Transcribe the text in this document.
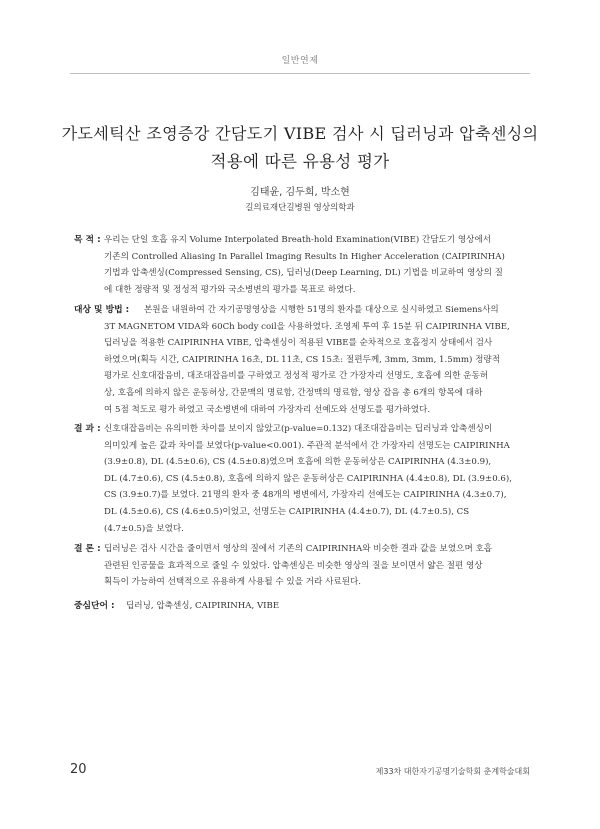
일반연제
가도세틱산 조영증강 간담도기 VIBE 검사 시 딥러닝과 압축센싱의
적용에 따른 유용성 평가
김태윤, 김두희, 박소현
길의료재단길병원 영상의학과
목 적 : 우리는 단일 호흡 유지 Volume Interpolated Breath-hold Examination(VIBE) 간담도기 영상에서
기존의 Controlled Aliasing In Parallel Imaging Results In Higher Acceleration (CAIPIRINHA)
기법과 압축센싱(Compressed Sensing, CS), 딥러닝(Deep Learning, DL) 기법을 비교하여 영상의 질
에 대한 정량적 및 정성적 평가와 국소병변의 평가를 목표로 하였다.
대상 및 방법 : 본원을 내원하여 간 자기공명영상을 시행한 51명의 환자를 대상으로 실시하였고 Siemens사의
3T MAGNETOM VIDA와 60Ch body coil을 사용하였다. 조영제 투여 후 15분 뒤 CAIPIRINHA VIBE,
딥러닝을 적용한 CAIPIRINHA VIBE, 압축센싱이 적용된 VIBE를 순차적으로 호흡정지 상태에서 검사
하였으며(획득 시간, CAIPIRINHA 16초, DL 11초, CS 15초: 절편두께, 3mm, 3mm, 1.5mm) 정량적
평가로 신호대잡음비, 대조대잡음비를 구하였고 정성적 평가로 간 가장자리 선명도, 호흡에 의한 운동허
상, 호흡에 의하지 않은 운동허상, 간문맥의 명료함, 간정맥의 명료함, 영상 잡음 총 6개의 항목에 대하
여 5점 척도로 평가 하였고 국소병변에 대하여 가장자리 선예도와 선명도를 평가하였다.
결 과 : 신호대잡음비는 유의미한 차이를 보이지 않았고(p-value=0.132) 대조대잡음비는 딥러닝과 압축센싱이
의미있게 높은 값과 차이를 보였다(p-value<0.001). 주관적 분석에서 간 가장자리 선명도는 CAIPIRINHA
(3.9±0.8), DL (4.5±0.6), CS (4.5±0.8)였으며 호흡에 의한 운동허상은 CAIPIRINHA (4.3±0.9),
DL (4.7±0.6), CS (4.5±0.8), 호흡에 의하지 않은 운동허상은 CAIPIRINHA (4.4±0.8), DL (3.9±0.6),
CS (3.9±0.7)를 보였다. 21명의 환자 중 48개의 병변에서, 가장자리 선예도는 CAIPIRINHA (4.3±0.7),
DL (4.5±0.6), CS (4.6±0.5)이었고, 선명도는 CAIPIRINHA (4.4±0.7), DL (4.7±0.5), CS
(4.7±0.5)을 보였다.
결 론 : 딥러닝은 검사 시간을 줄이면서 영상의 질에서 기존의 CAIPIRINHA와 비슷한 결과 값을 보였으며 호흡
관련된 인공물을 효과적으로 줄일 수 있었다. 압축센싱은 비슷한 영상의 질을 보이면서 얇은 절편 영상
획득이 가능하여 선택적으로 유용하게 사용될 수 있을 거라 사료된다.
중심단어 : 딥러닝, 압축센싱, CAIPIRINHA, VIBE
20	제33차 대한자기공명기술학회 춘계학술대회
